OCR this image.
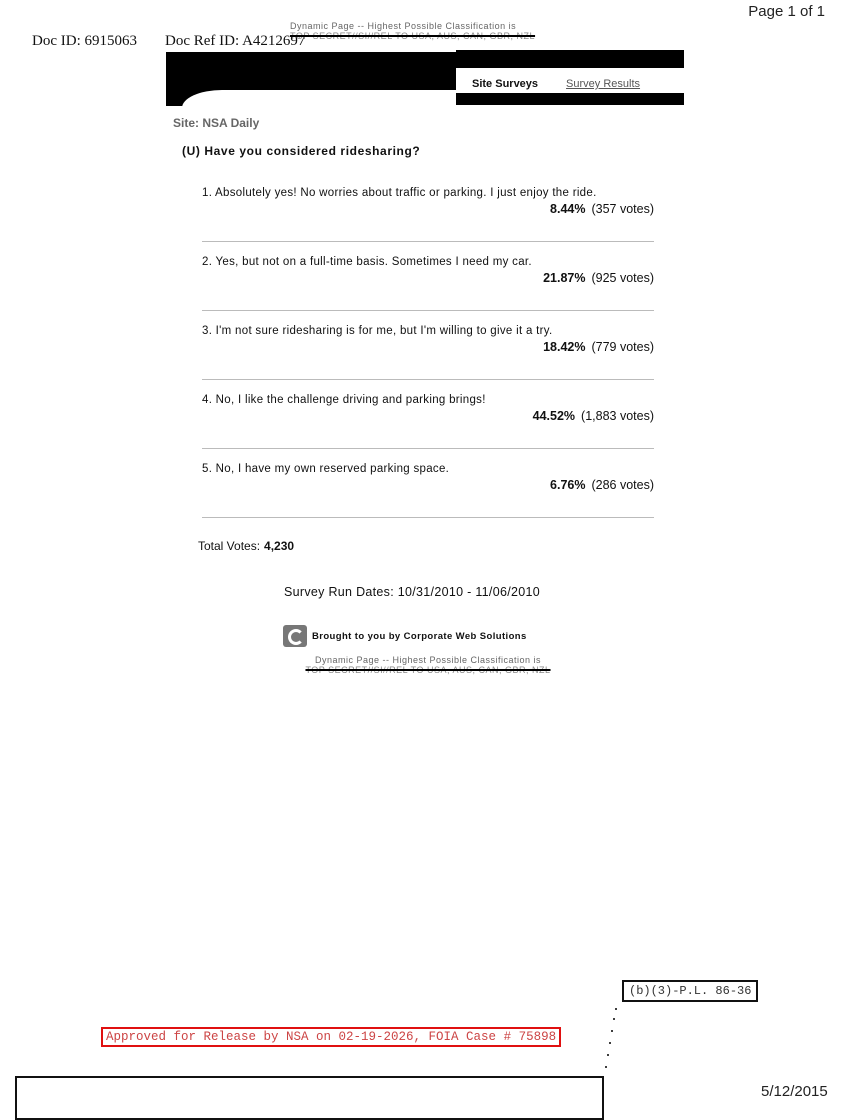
Page 1 of 1
Doc ID: 6915063 Doc Ref ID: A4212697
Dynamic Page -- Highest Possible Classification is
TOP SECRET//SI//REL TO USA, AUS, CAN, GBR, NZL
Site Surveys	Survey Results
Site: NSA Daily
(U) Have you considered ridesharing?
1. Absolutely yes! No worries about traffic or parking. I just enjoy the ride.
8.44% (357 votes)
2. Yes, but not on a full-time basis. Sometimes I need my car.
21.87% (925 votes)
3. I'm not sure ridesharing is for me, but I'm willing to give it a try.
18.42% (779 votes)
4. No, I like the challenge driving and parking brings!
44.52% (1,883 votes)
5. No, I have my own reserved parking space.
6.76% (286 votes)
Total Votes: 4,230
Survey Run Dates: 10/31/2010 - 11/06/2010
Brought to you by Corporate Web Solutions
Dynamic Page -- Highest Possible Classification is
TOP SECRET//SI//REL TO USA, AUS, CAN, GBR, NZL
(b)(3)-P.L. 86-36
Approved for Release by NSA on 02-19-2026, FOIA Case # 75898
5/12/2015
